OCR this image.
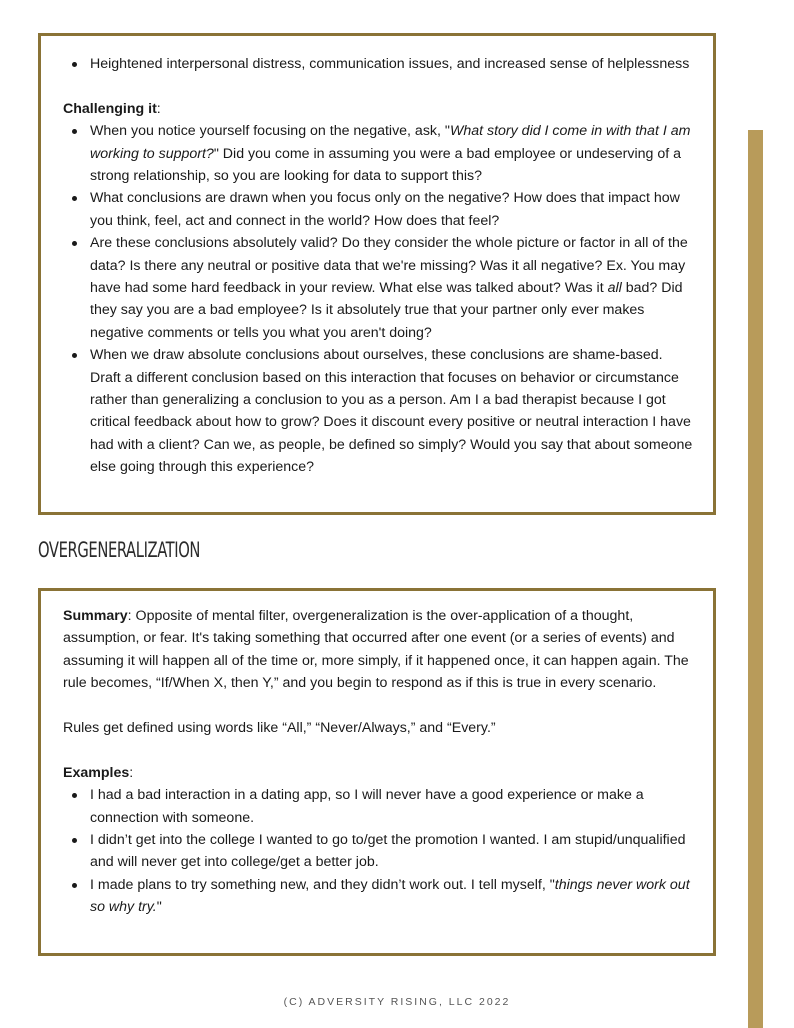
Heightened interpersonal distress, communication issues, and increased sense of helplessness

Challenging it:

When you notice yourself focusing on the negative, ask, "What story did I come in with that I am working to support?" Did you come in assuming you were a bad employee or undeserving of a strong relationship, so you are looking for data to support this?
What conclusions are drawn when you focus only on the negative? How does that impact how you think, feel, act and connect in the world? How does that feel?
Are these conclusions absolutely valid? Do they consider the whole picture or factor in all of the data? Is there any neutral or positive data that we're missing? Was it all negative? Ex. You may have had some hard feedback in your review. What else was talked about? Was it all bad? Did they say you are a bad employee? Is it absolutely true that your partner only ever makes negative comments or tells you what you aren't doing?
When we draw absolute conclusions about ourselves, these conclusions are shame-based. Draft a different conclusion based on this interaction that focuses on behavior or circumstance rather than generalizing a conclusion to you as a person. Am I a bad therapist because I got critical feedback about how to grow? Does it discount every positive or neutral interaction I have had with a client? Can we, as people, be defined so simply? Would you say that about someone else going through this experience?
OVERGENERALIZATION

Summary: Opposite of mental filter, overgeneralization is the over-application of a thought, assumption, or fear. It's taking something that occurred after one event (or a series of events) and assuming it will happen all of the time or, more simply, if it happened once, it can happen again. The rule becomes, “If/When X, then Y,” and you begin to respond as if this is true in every scenario.

Rules get defined using words like “All,” “Never/Always,” and “Every.”

Examples:

I had a bad interaction in a dating app, so I will never have a good experience or make a connection with someone.
I didn’t get into the college I wanted to go to/get the promotion I wanted. I am stupid/unqualified and will never get into college/get a better job.
I made plans to try something new, and they didn’t work out. I tell myself, "things never work out so why try."
(C) ADVERSITY RISING, LLC 2022
